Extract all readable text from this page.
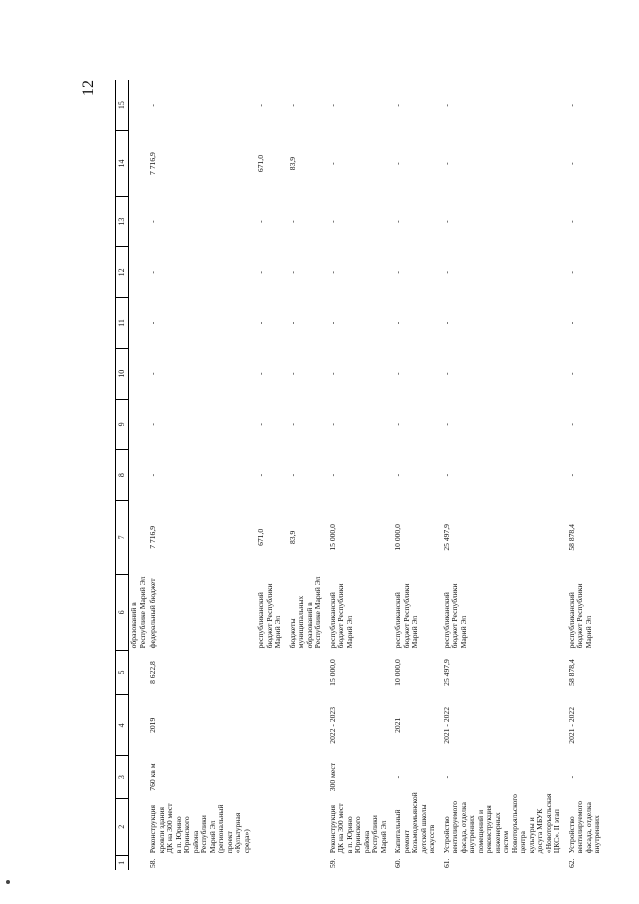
12
1	2	3	4	5	6	7	8	9	10	11	12	13	14	15
					образований в Республике Марий Эл									
58.	Реконструкция кровли здания ДК на 300 мест в п. Юрино Юринского района Республики Марий Эл (региональный проект «Культурная среда»)	760 кв м	2019	8 622,8	федеральный бюджет	7 716,9	-	-	-	-	-	-	7 716,9	-

					республиканский бюджет Республики Марий Эл	671,0	-	-	-	-	-	-	671,0	-

					бюджеты муниципальных образований в Республике Марий Эл	83,9	-	-	-	-	-	-	83,9	-

59.	Реконструкция ДК на 300 мест в п. Юрино Юринского района Республики Марий Эл	300 мест	2022 - 2023	15 000,0	республиканский бюджет Республики Марий Эл	15 000,0	-	-	-	-	-	-	-	-

60.	Капитальный ремонт Козьмодемьянской детской школы искусств	-	2021	10 000,0	республиканский бюджет Республики Марий Эл	10 000,0	-	-	-	-	-	-	-	-

61.	Устройство вентилируемого фасада, отделка внутренних помещений и реконструкция инженерных систем Новоторъяльского центра культуры и досуга МБУК «Новоторъяльская ЦКС». II этап	-	2021 - 2022	25 497,9	республиканский бюджет Республики Марий Эл	25 497,9	-	-	-	-	-	-	-	-

62.	Устройство вентилируемого фасада, отделка внутренних	-	2021 - 2022	58 878,4	республиканский бюджет Республики Марий Эл	58 878,4	-	-	-	-	-	-	-	-
